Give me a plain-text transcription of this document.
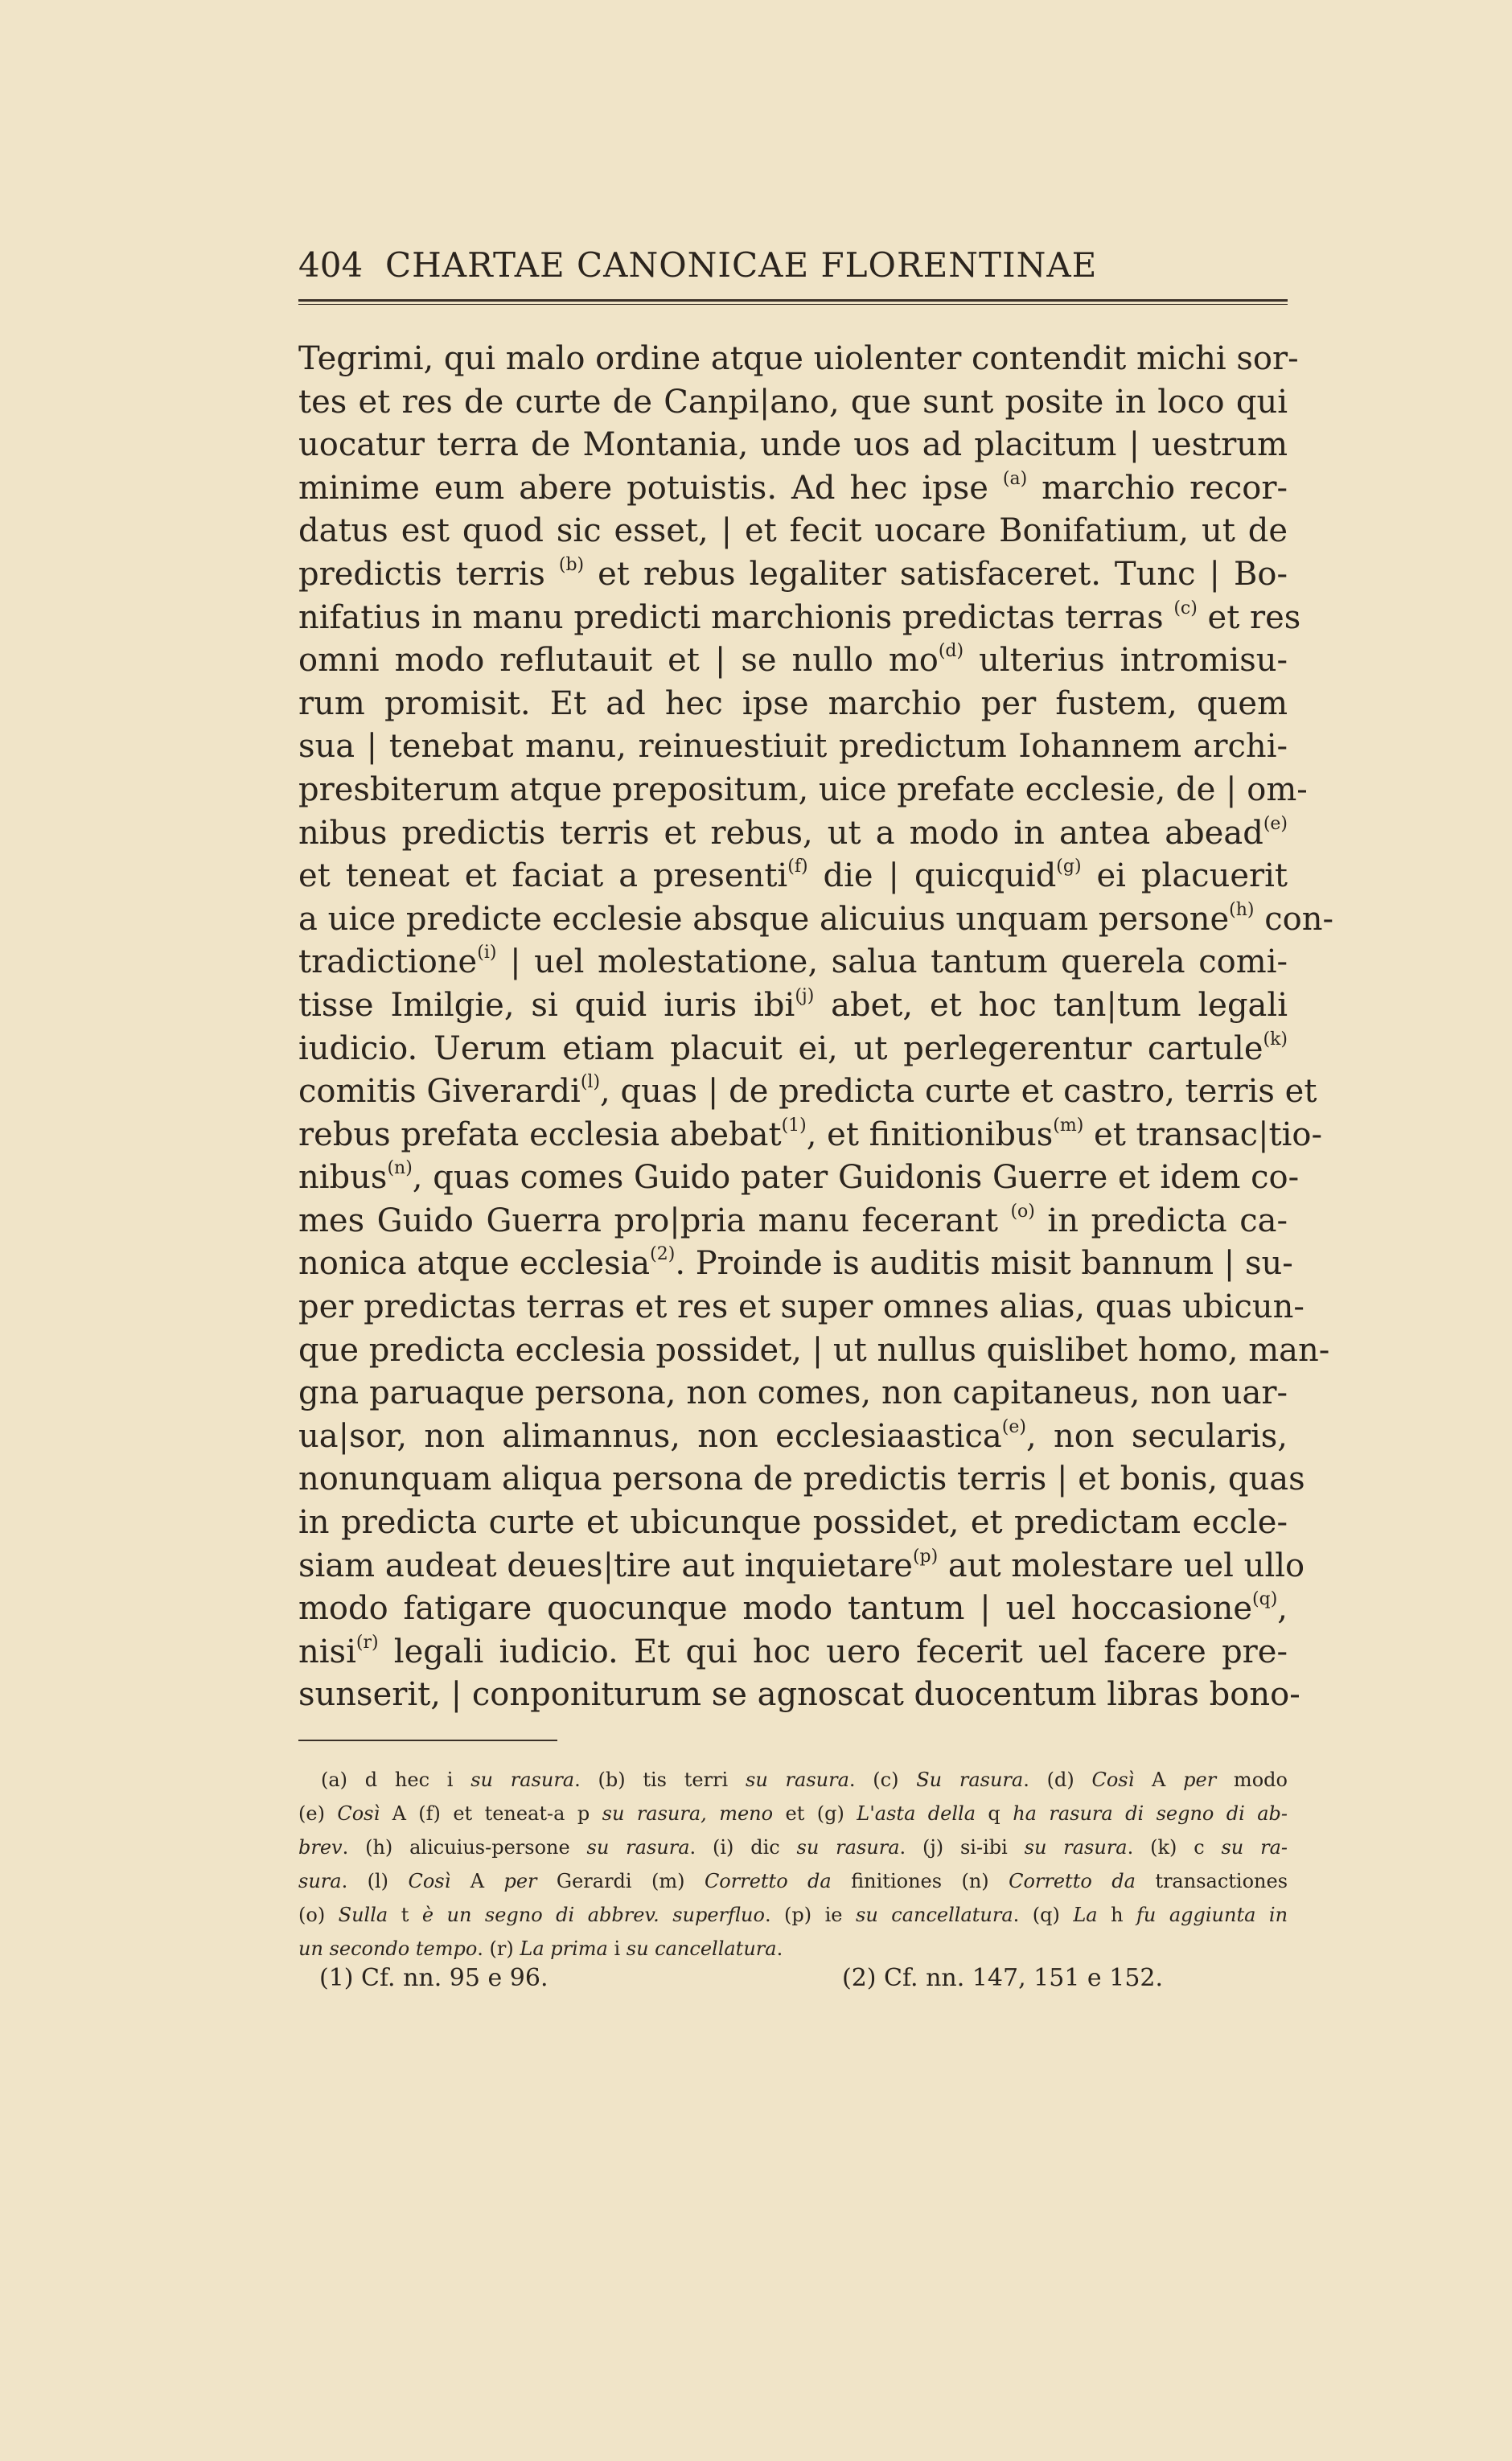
404 CHARTAE CANONICAE FLORENTINAE
Tegrimi, qui malo ordine atque uiolenter contendit michi sor-
tes et res de curte de Canpi|ano, que sunt posite in loco qui
uocatur terra de Montania, unde uos ad placitum | uestrum
minime eum abere potuistis. Ad hec ipse $^{(a)}$ marchio recor-
datus est quod sic esset, | et fecit uocare Bonifatium, ut de
predictis terris $^{(b)}$ et rebus legaliter satisfaceret. Tunc | Bo-
nifatius in manu predicti marchionis predictas terras $^{(c)}$ et res
omni modo reflutauit et | se nullo $mo^{(d)}$ ulterius intromisu-
rum promisit. Et ad hec ipse marchio per fustem, quem
sua | tenebat manu, reinuestiuit predictum Iohannem archi-
presbiterum atque prepositum, uice prefate ecclesie, de | om-
nibus predictis terris et rebus, ut a modo in antea abead$^{(e)}$
et teneat et faciat a presenti$^{(f)}$ die | quicquid$^{(g)}$ ei placuerit
a uice predicte ecclesie absque alicuius unquam persone$^{(h)}$ con-
tradictione$^{(i)}$ | uel molestatione, salua tantum querela comi-
tisse Imilgie, si quid iuris ibi$^{(j)}$ abet, et hoc tan|tum legali
iudicio. Uerum etiam placuit ei, ut perlegerentur cartule$^{(k)}$
comitis Giverardi$^{(l)}$, quas | de predicta curte et castro, terris et
rebus prefata ecclesia abebat$^{(1)}$, et finitionibus$^{(m)}$ et transac|tio-
nibus$^{(n)}$, quas comes Guido pater Guidonis Guerre et idem co-
mes Guido Guerra pro|pria manu fecerant $^{(o)}$ in predicta ca-
nonica atque ecclesia$^{(2)}$. Proinde is auditis misit bannum | su-
per predictas terras et res et super omnes alias, quas ubicun-
que predicta ecclesia possidet, | ut nullus quislibet homo, man-
gna paruaque persona, non comes, non capitaneus, non uar-
ua|sor, non alimannus, non ecclesiaastica$^{(e)}$, non secularis,
nonunquam aliqua persona de predictis terris | et bonis, quas
in predicta curte et ubicunque possidet, et predictam eccle-
siam audeat deues|tire aut inquietare$^{(p)}$ aut molestare uel ullo
modo fatigare quocunque modo tantum | uel hoccasione$^{(q)}$,
nisi$^{(r)}$ legali iudicio. Et qui hoc uero fecerit uel facere pre-
sunserit, | conponiturum se agnoscat duocentum libras bono-
(a) d hec i su rasura. (b) tis terri su rasura. (c) Su rasura. (d) Così A per modo
(e) Così A (f) et teneat-a p su rasura, meno et (g) L'asta della q ha rasura di segno di ab-
brev. (h) alicuius-persone su rasura. (i) dic su rasura. (j) si-ibi su rasura. (k) c su ra-
sura. (l) Così A per Gerardi (m) Corretto da finitiones (n) Corretto da transactiones
(o) Sulla t è un segno di abbrev. superfluo. (p) ie su cancellatura. (q) La h fu aggiunta in
un secondo tempo. (r) La prima i su cancellatura.
(1) Cf. nn. 95 e 96.	(2) Cf. nn. 147, 151 e 152.
